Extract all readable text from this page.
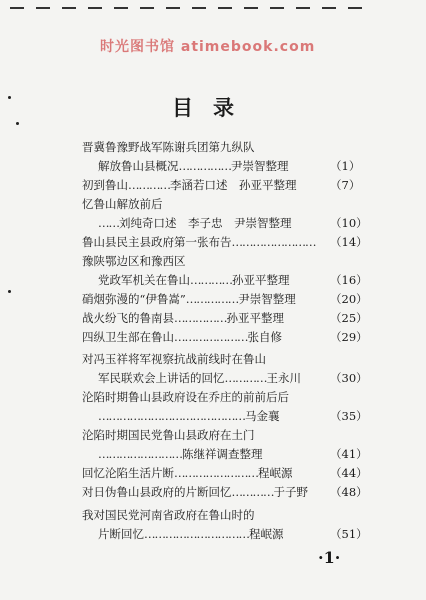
时光图书馆 atimebook.com
目录
晋冀鲁豫野战军陈谢兵团第九纵队
解放鲁山县概况 …………… 尹崇智整理	（1）
初到鲁山 ………… 李涵若口述　孙亚平整理	（7）
忆鲁山解放前后
…… 刘纯奇口述　李子忠　尹崇智整理	（10）
鲁山县民主县政府第一张布告 …………………… （14）
豫陕鄂边区和豫西区
党政军机关在鲁山 ………… 孙亚平整理	（16）
硝烟弥漫的“伊鲁嵩” …………… 尹崇智整理	（20）
战火纷飞的鲁南县 …………… 孙亚平整理	（25）
四纵卫生部在鲁山 ………………… 张自修	（29）
对冯玉祥将军视察抗战前线时在鲁山
军民联欢会上讲话的回忆 ………… 王永川	（30）
沦陷时期鲁山县政府设在乔庄的前前后后
…………………………………… 马金襄	（35）
沦陷时期国民党鲁山县政府在土门
…………………… 陈继祥调查整理	（41）
回忆沦陷生活片断 …………………… 程岷源	（44）
对日伪鲁山县政府的片断回忆 ………… 于子野 （48）
我对国民党河南省政府在鲁山时的
片断回忆 ………………………… 程岷源	（51）
·1·
